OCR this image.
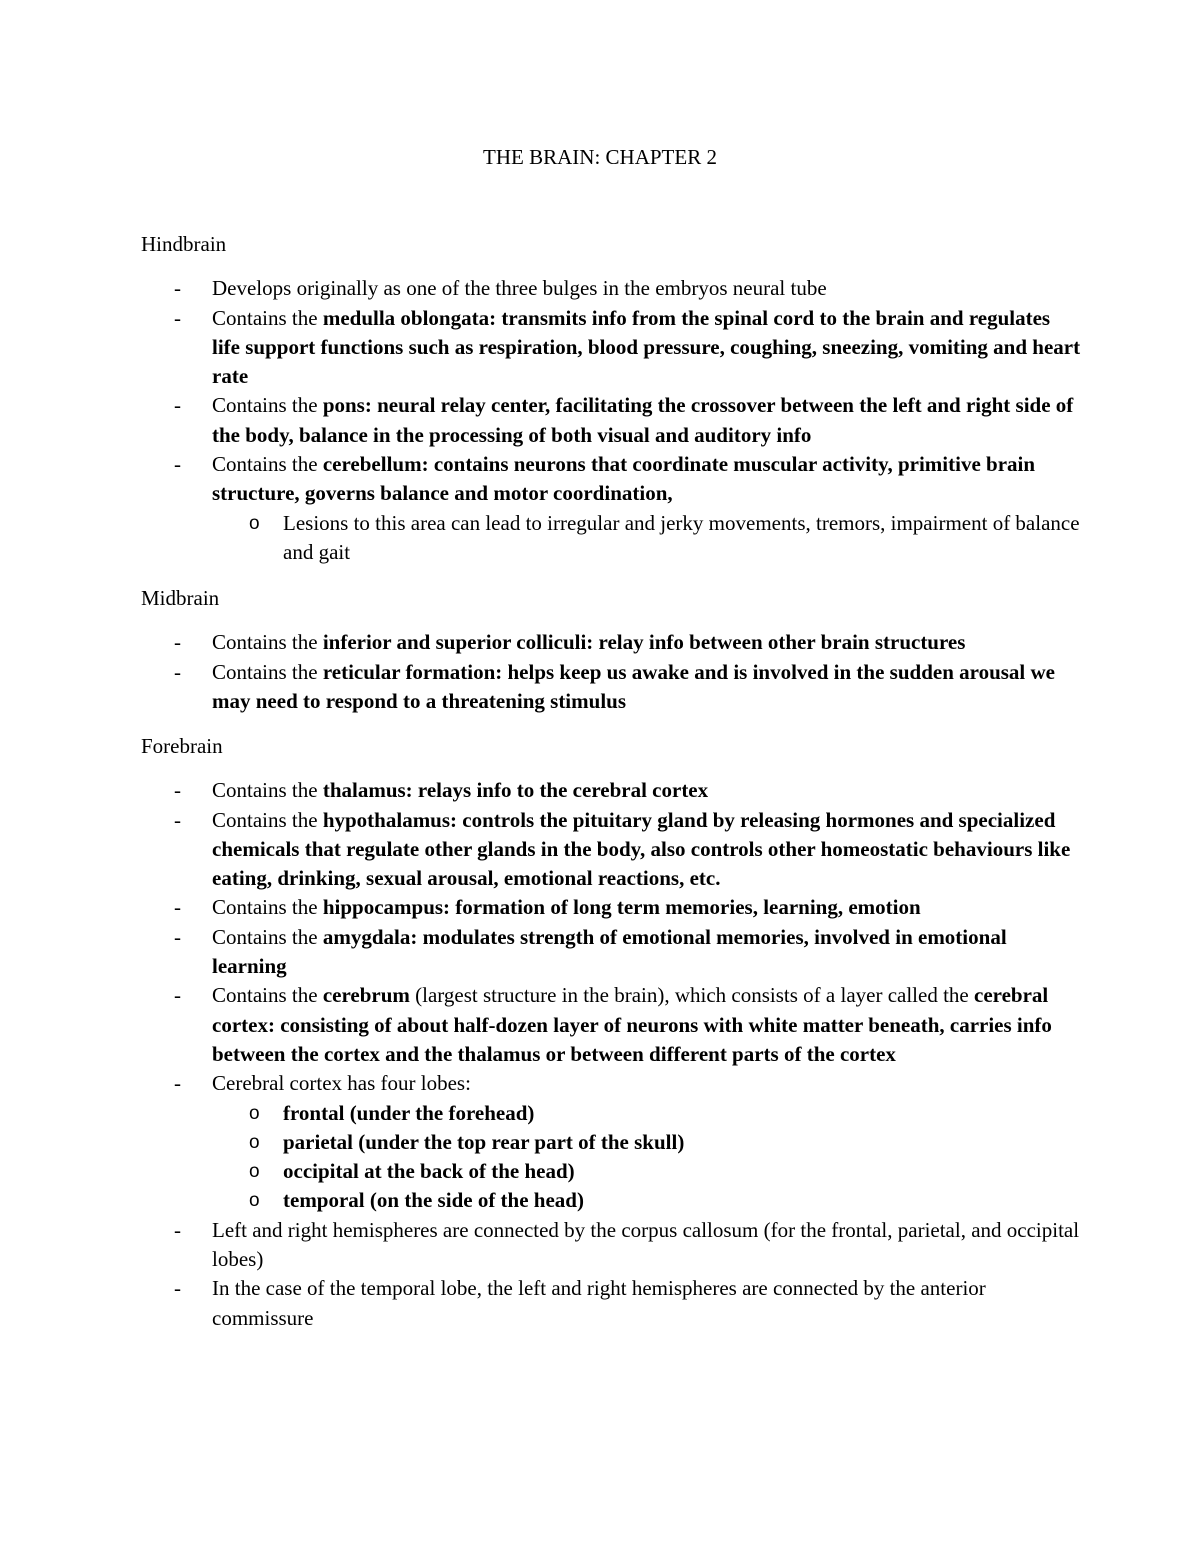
THE BRAIN: CHAPTER 2
Hindbrain
- Develops originally as one of the three bulges in the embryos neural tube
- Contains the medulla oblongata: transmits info from the spinal cord to the brain and regulates life support functions such as respiration, blood pressure, coughing, sneezing, vomiting and heart rate
- Contains the pons: neural relay center, facilitating the crossover between the left and right side of the body, balance in the processing of both visual and auditory info
- Contains the cerebellum: contains neurons that coordinate muscular activity, primitive brain structure, governs balance and motor coordination,
o Lesions to this area can lead to irregular and jerky movements, tremors, impairment of balance and gait
Midbrain
- Contains the inferior and superior colliculi: relay info between other brain structures
- Contains the reticular formation: helps keep us awake and is involved in the sudden arousal we may need to respond to a threatening stimulus
Forebrain
- Contains the thalamus: relays info to the cerebral cortex
- Contains the hypothalamus: controls the pituitary gland by releasing hormones and specialized chemicals that regulate other glands in the body, also controls other homeostatic behaviours like eating, drinking, sexual arousal, emotional reactions, etc.
- Contains the hippocampus: formation of long term memories, learning, emotion
- Contains the amygdala: modulates strength of emotional memories, involved in emotional learning
- Contains the cerebrum (largest structure in the brain), which consists of a layer called the cerebral cortex: consisting of about half-dozen layer of neurons with white matter beneath, carries info between the cortex and the thalamus or between different parts of the cortex
- Cerebral cortex has four lobes:
o frontal (under the forehead)
o parietal (under the top rear part of the skull)
o occipital at the back of the head)
o temporal (on the side of the head)
- Left and right hemispheres are connected by the corpus callosum (for the frontal, parietal, and occipital lobes)
- In the case of the temporal lobe, the left and right hemispheres are connected by the anterior commissure
